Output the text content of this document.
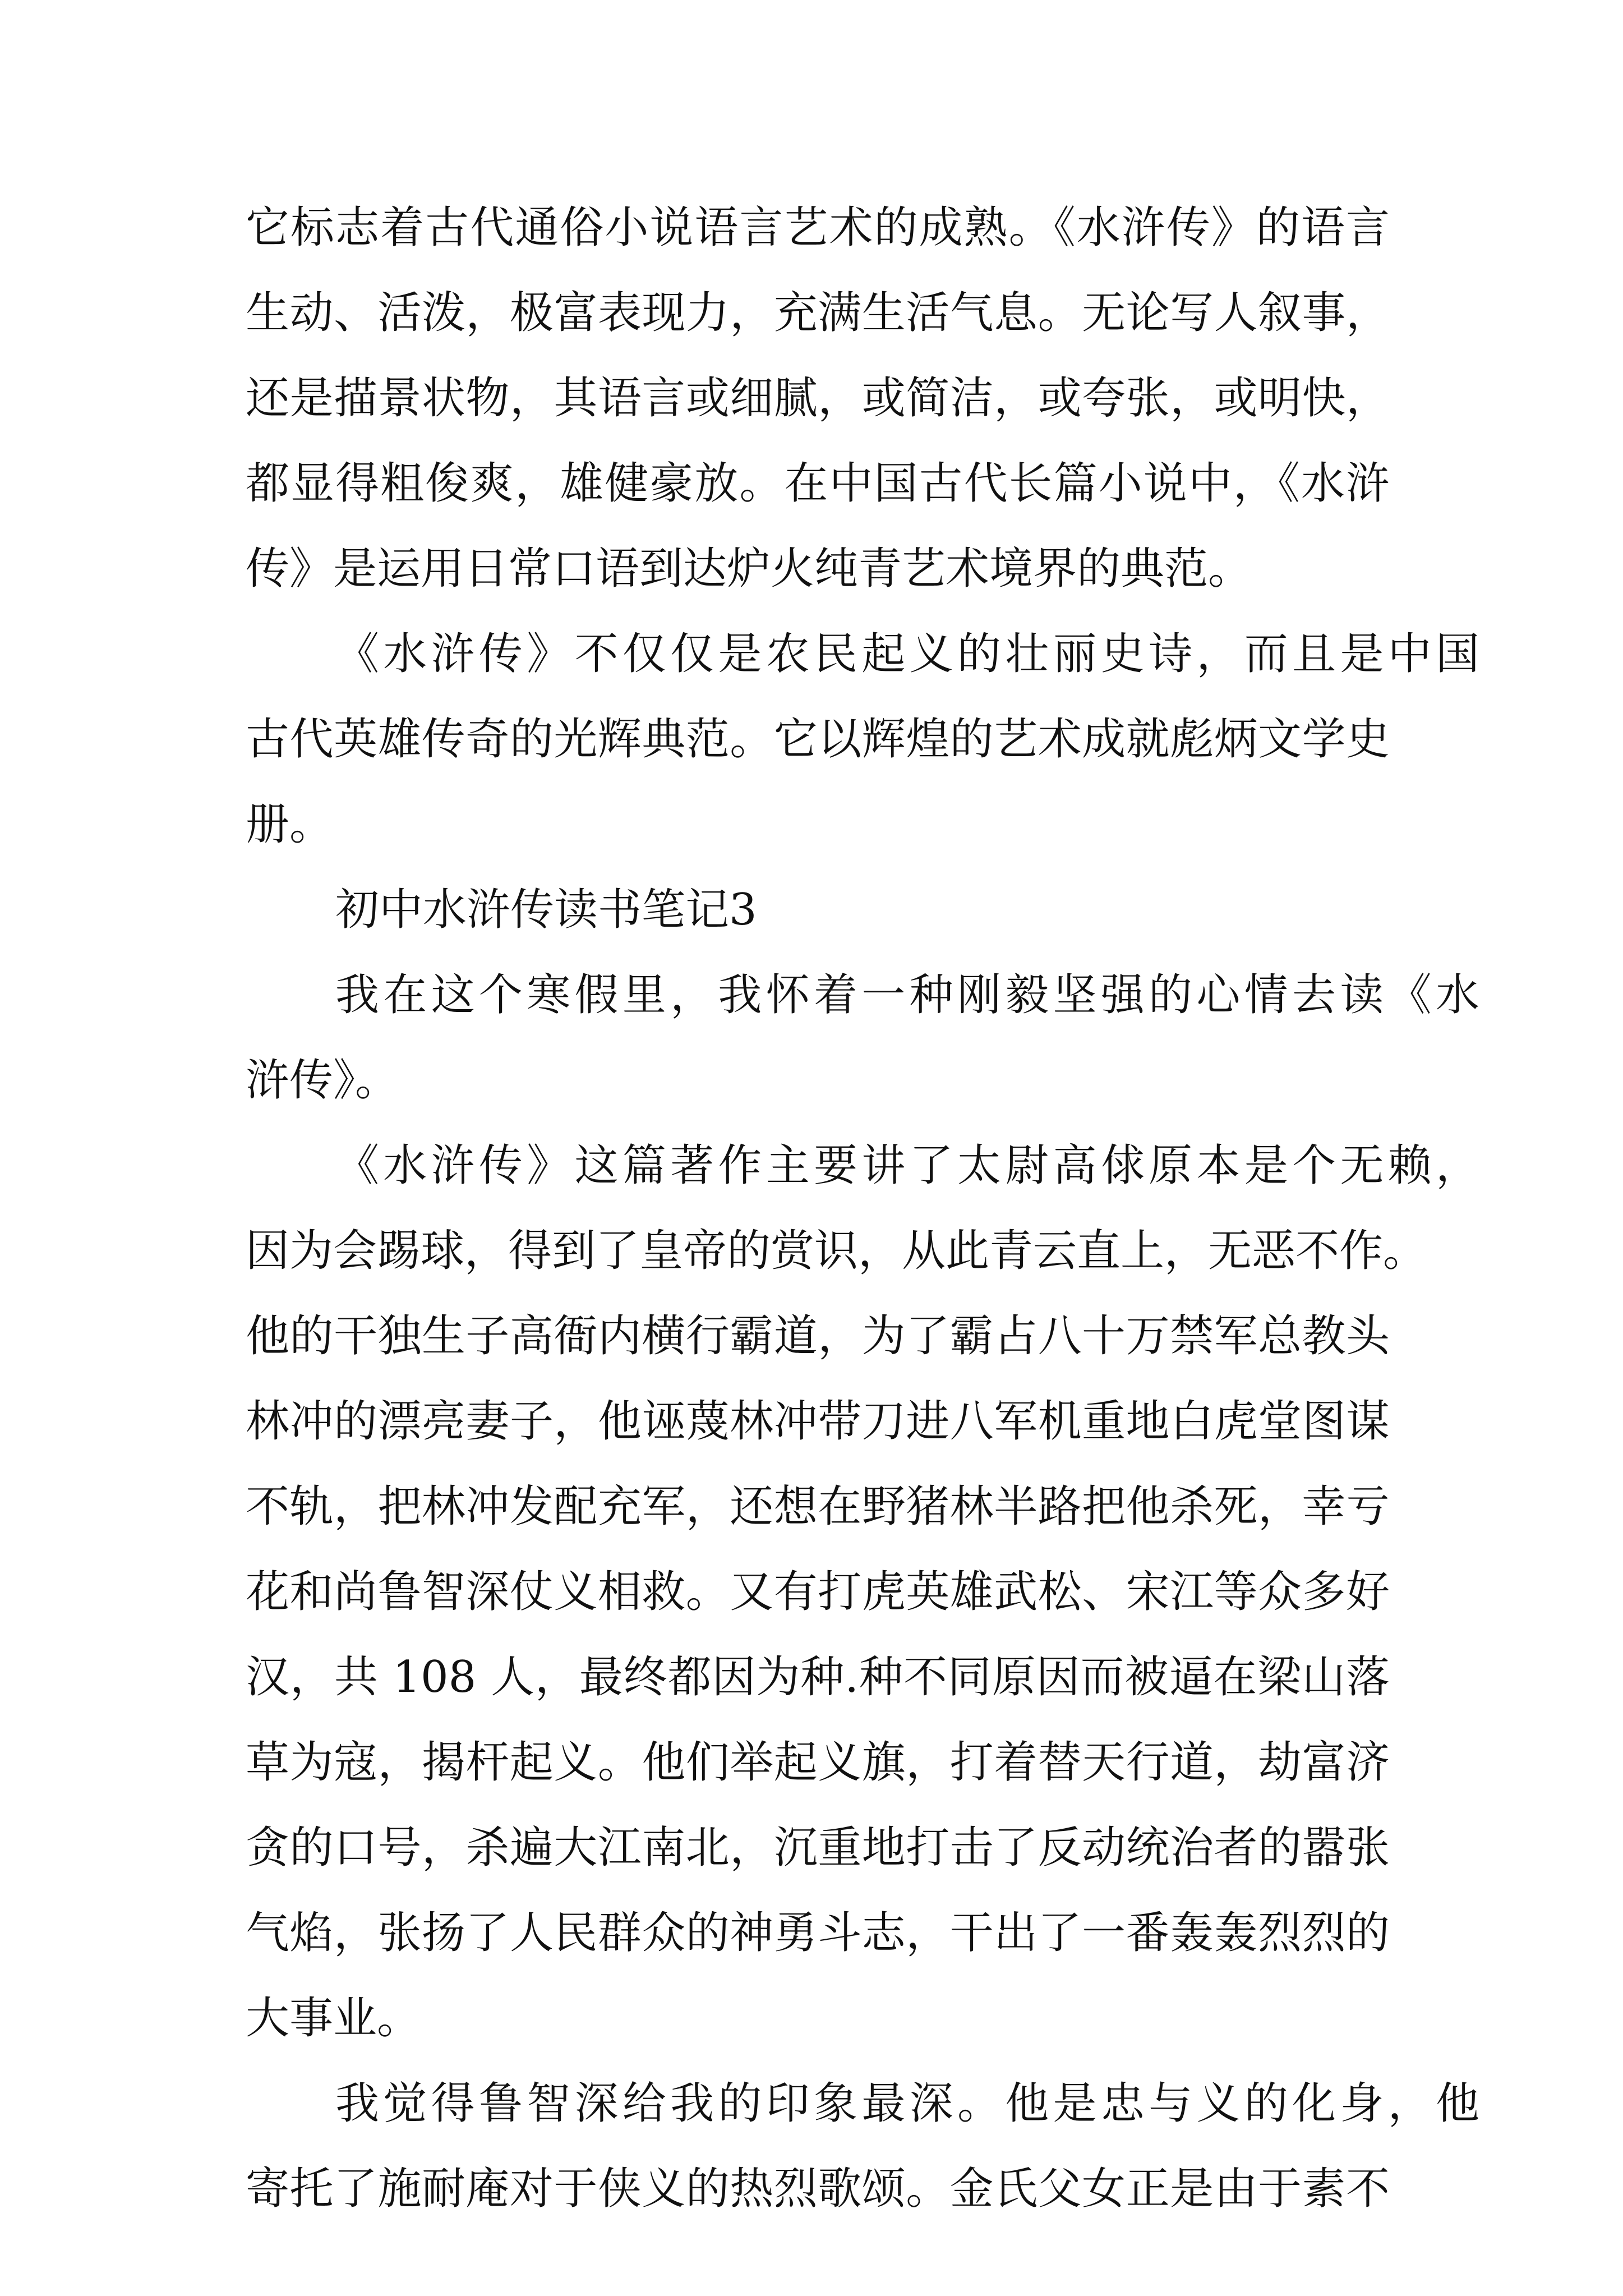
它标志着古代通俗小说语言艺术的成熟。《水浒传》的语言
生动、活泼，极富表现力，充满生活气息。无论写人叙事，
还是描景状物，其语言或细腻，或简洁，或夸张，或明快，
都显得粗俊爽，雄健豪放。在中国古代长篇小说中，《水浒
传》是运用日常口语到达炉火纯青艺术境界的典范。
《水浒传》不仅仅是农民起义的壮丽史诗，而且是中国
古代英雄传奇的光辉典范。它以辉煌的艺术成就彪炳文学史
册。
初中水浒传读书笔记3
我在这个寒假里，我怀着一种刚毅坚强的心情去读《水
浒传》。
《水浒传》这篇著作主要讲了太尉高俅原本是个无赖，
因为会踢球，得到了皇帝的赏识，从此青云直上，无恶不作。
他的干独生子高衙内横行霸道，为了霸占八十万禁军总教头
林冲的漂亮妻子，他诬蔑林冲带刀进八军机重地白虎堂图谋
不轨，把林冲发配充军，还想在野猪林半路把他杀死，幸亏
花和尚鲁智深仗义相救。又有打虎英雄武松、宋江等众多好
汉，共 108 人，最终都因为种.种不同原因而被逼在梁山落
草为寇，揭杆起义。他们举起义旗，打着替天行道，劫富济
贪的口号，杀遍大江南北，沉重地打击了反动统治者的嚣张
气焰，张扬了人民群众的神勇斗志，干出了一番轰轰烈烈的
大事业。
我觉得鲁智深给我的印象最深。他是忠与义的化身，他
寄托了施耐庵对于侠义的热烈歌颂。金氏父女正是由于素不
